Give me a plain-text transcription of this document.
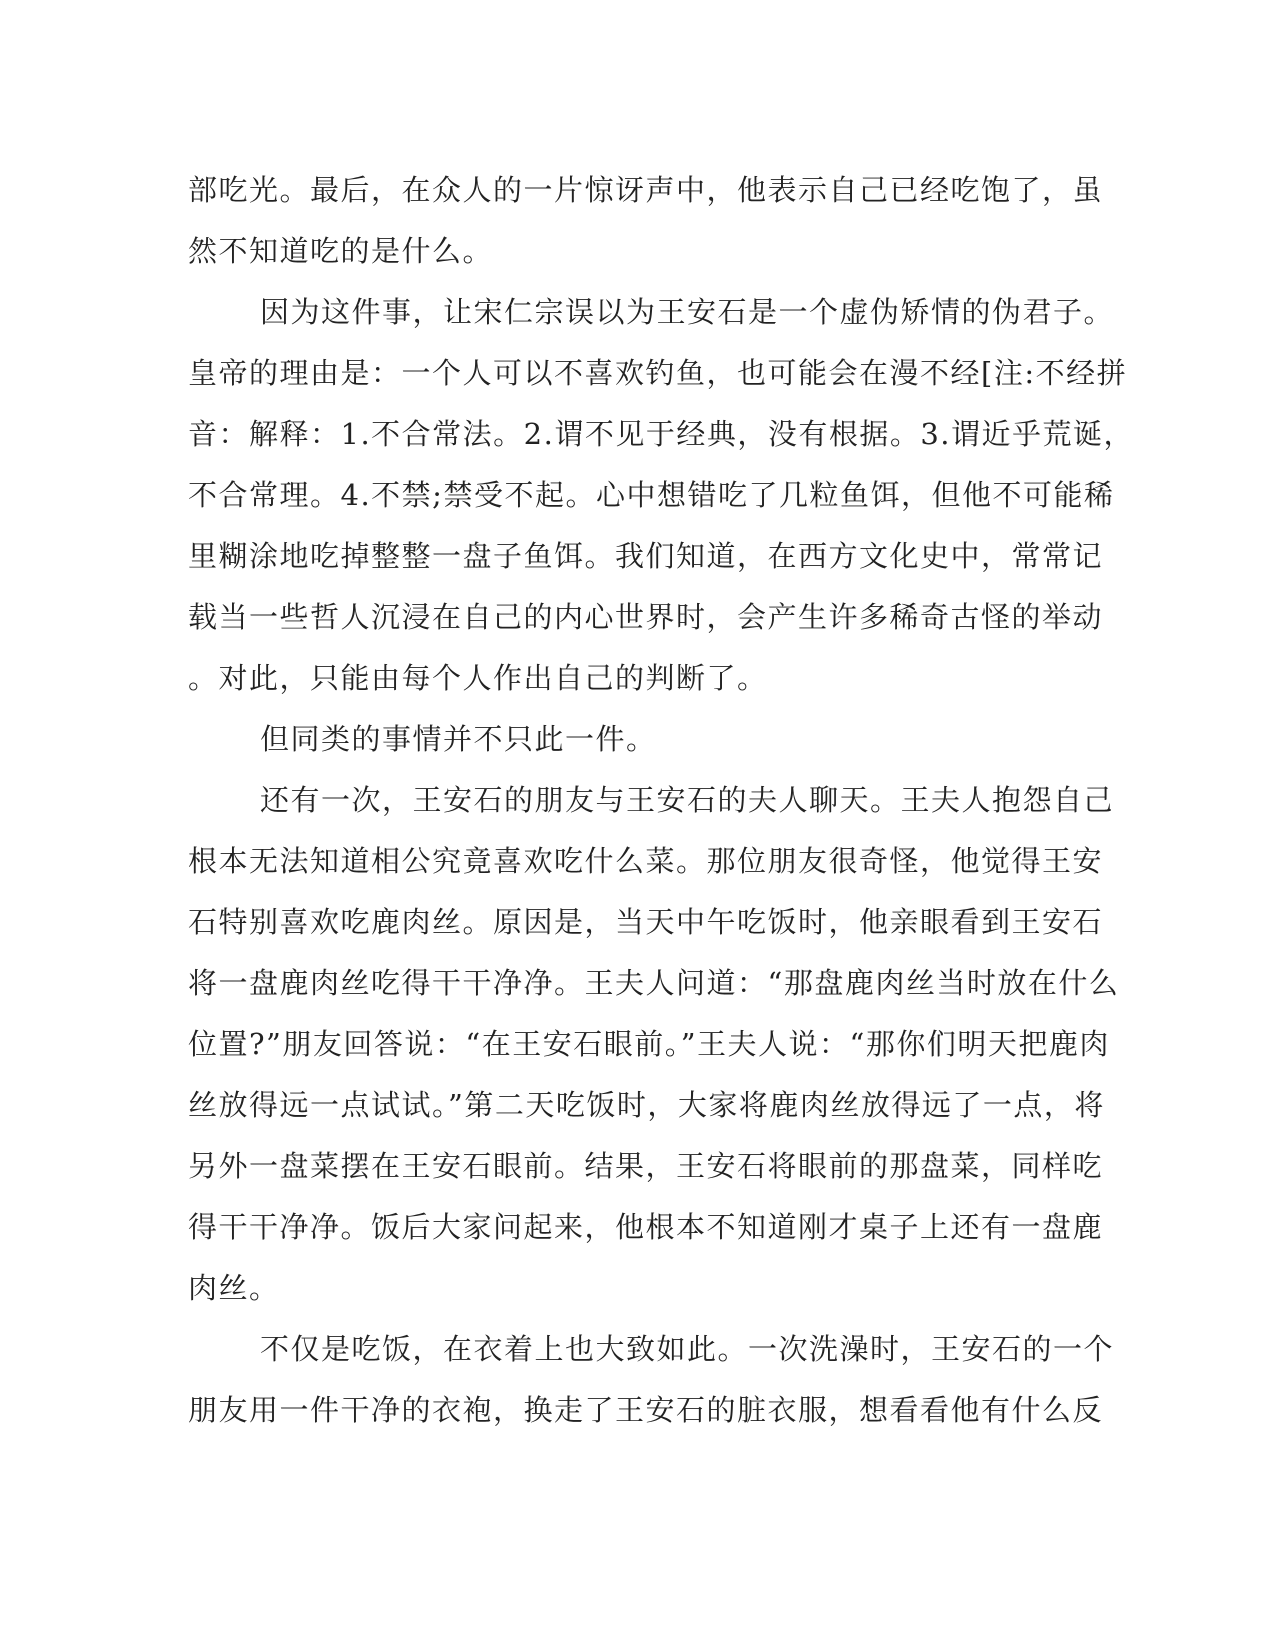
部吃光。最后，在众人的一片惊讶声中，他表示自己已经吃饱了，虽
然不知道吃的是什么。
因为这件事，让宋仁宗误以为王安石是一个虚伪矫情的伪君子。
皇帝的理由是：一个人可以不喜欢钓鱼，也可能会在漫不经[注:不经拼
音：解释：1.不合常法。2.谓不见于经典，没有根据。3.谓近乎荒诞，
不合常理。4.不禁;禁受不起。心中想错吃了几粒鱼饵，但他不可能稀
里糊涂地吃掉整整一盘子鱼饵。我们知道，在西方文化史中，常常记
载当一些哲人沉浸在自己的内心世界时，会产生许多稀奇古怪的举动
。对此，只能由每个人作出自己的判断了。
但同类的事情并不只此一件。
还有一次，王安石的朋友与王安石的夫人聊天。王夫人抱怨自己
根本无法知道相公究竟喜欢吃什么菜。那位朋友很奇怪，他觉得王安
石特别喜欢吃鹿肉丝。原因是，当天中午吃饭时，他亲眼看到王安石
将一盘鹿肉丝吃得干干净净。王夫人问道：“那盘鹿肉丝当时放在什么
位置?”朋友回答说：“在王安石眼前。”王夫人说：“那你们明天把鹿肉
丝放得远一点试试。”第二天吃饭时，大家将鹿肉丝放得远了一点，将
另外一盘菜摆在王安石眼前。结果，王安石将眼前的那盘菜，同样吃
得干干净净。饭后大家问起来，他根本不知道刚才桌子上还有一盘鹿
肉丝。
不仅是吃饭，在衣着上也大致如此。一次洗澡时，王安石的一个
朋友用一件干净的衣袍，换走了王安石的脏衣服，想看看他有什么反
